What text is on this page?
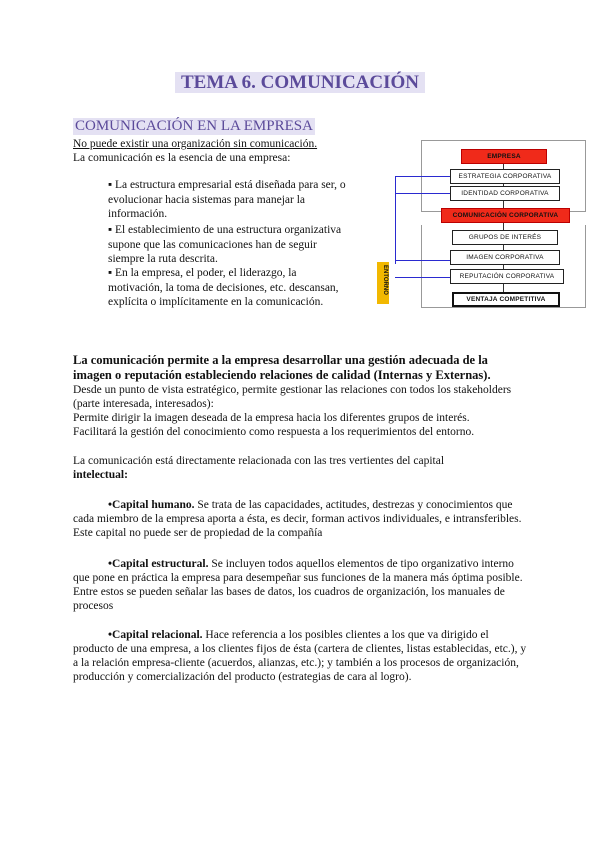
TEMA 6. COMUNICACIÓN
COMUNICACIÓN EN LA EMPRESA
No puede existir una organización sin comunicación.
La comunicación es la esencia de una empresa:
▪ La estructura empresarial está diseñada para ser, o evolucionar hacia sistemas para manejar la información.
▪ El establecimiento de una estructura organizativa supone que las comunicaciones han de seguir siempre la ruta descrita.
▪ En la empresa, el poder, el liderazgo, la motivación, la toma de decisiones, etc. descansan, explícita o implícitamente en la comunicación.
ENTORNO
EMPRESA
ESTRATEGIA CORPORATIVA
IDENTIDAD CORPORATIVA
COMUNICACIÓN CORPORATIVA
GRUPOS DE INTERÉS
IMAGEN CORPORATIVA
REPUTACIÓN CORPORATIVA
VENTAJA COMPETITIVA

La comunicación permite a la empresa desarrollar una gestión adecuada de la imagen o reputación estableciendo relaciones de calidad (Internas y Externas).

Desde un punto de vista estratégico, permite gestionar las relaciones con todos los stakeholders (parte interesada, interesados):

Permite dirigir la imagen deseada de la empresa hacia los diferentes grupos de interés.

Facilitará la gestión del conocimiento como respuesta a los requerimientos del entorno.

La comunicación está directamente relacionada con las tres vertientes del capital
intelectual:

•Capital humano. Se trata de las capacidades, actitudes, destrezas y conocimientos que cada miembro de la empresa aporta a ésta, es decir, forman activos individuales, e intransferibles. Este capital no puede ser de propiedad de la compañía

•Capital estructural. Se incluyen todos aquellos elementos de tipo organizativo interno que pone en práctica la empresa para desempeñar sus funciones de la manera más óptima posible. Entre estos se pueden señalar las bases de datos, los cuadros de organización, los manuales de procesos

•Capital relacional. Hace referencia a los posibles clientes a los que va dirigido el producto de una empresa, a los clientes fijos de ésta (cartera de clientes, listas establecidas, etc.), y a la relación empresa-cliente (acuerdos, alianzas, etc.); y también a los procesos de organización, producción y comercialización del producto (estrategias de cara al logro).
